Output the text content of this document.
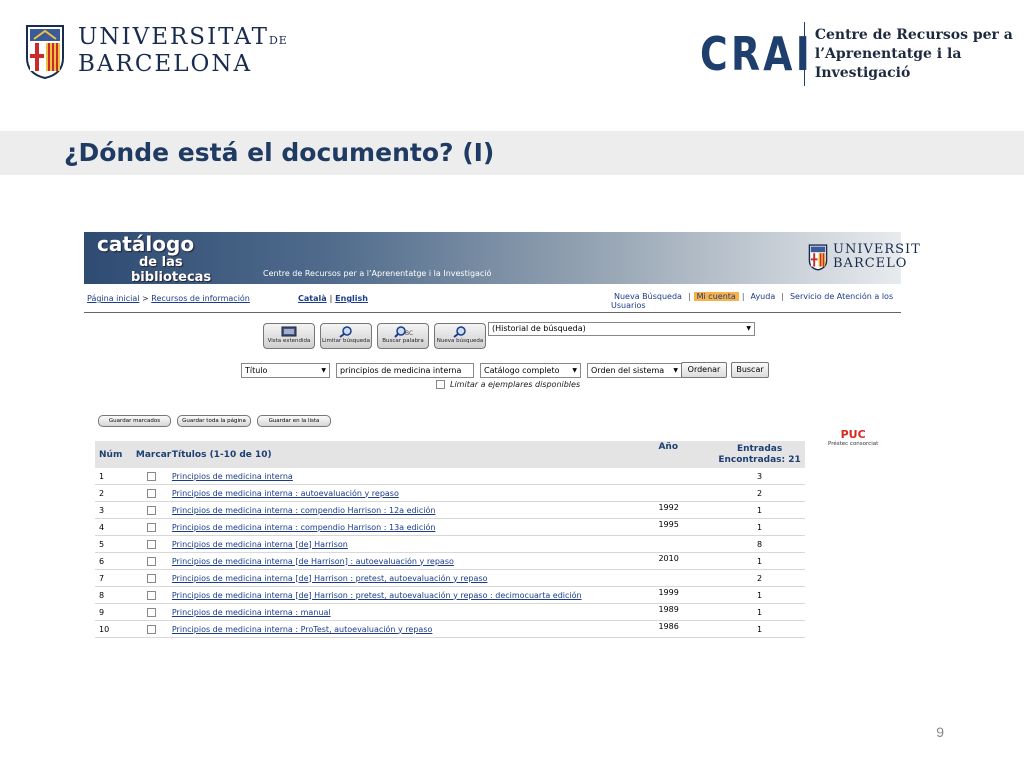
UNIVERSITATDE
BARCELONA	CRAI Centre de Recursos per a
l’Aprenentatge i la Investigació
¿Dónde está el documento? (I)
catálogo
de las
bibliotecas	Centre de Recursos per a l’Aprenentatge i la Investigació
UNIVERSIT
BARCELO
Página inicial > Recursos de información	Català | English	Nueva Búsqueda | Mi cuenta | Ayuda | Servicio de Atención a los Usuarios
Vista extendida	Limitar búsqueda
BC
Buscar palabra	Nueva búsqueda
(Historial de búsqueda)	▼
Título	▼	principios de medicina interna	Catálogo completo ▼	Orden del sistema ▼	Ordenar	Buscar
Limitar a ejemplares disponibles
Guardar marcados	Guardar toda la página	Guardar en la lista
Núm	Marcar	Títulos (1-10 de 10)	Año	Entradas
Encontradas: 21

1		Principios de medicina interna		3
2		Principios de medicina interna : autoevaluación y repaso		2
3		Principios de medicina interna : compendio Harrison : 12a edición	1992	1
4		Principios de medicina interna : compendio Harrison : 13a edición	1995	1
5		Principios de medicina interna [de] Harrison		8
6		Principios de medicina interna [de Harrison] : autoevaluación y repaso	2010	1
7		Principios de medicina interna [de] Harrison : pretest, autoevaluación y repaso		2
8		Principios de medicina interna [de] Harrison : pretest, autoevaluación y repaso : decimocuarta edición	1999	1
9		Principios de medicina interna : manual	1989	1
10		Principios de medicina interna : ProTest, autoevaluación y repaso	1986	1
PUC
Préstec consorciat
9
